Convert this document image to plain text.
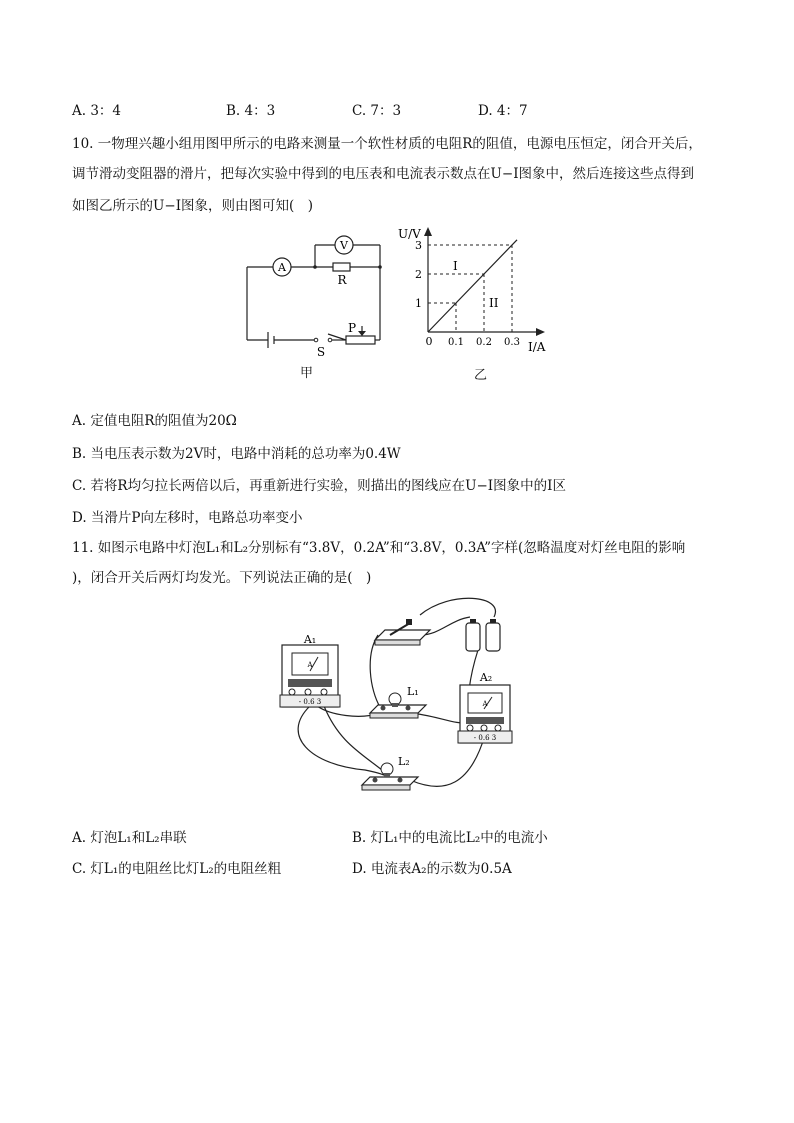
A. 3：4	B. 4：3	C. 7：3	D. 4：7
10. 一物理兴趣小组用图甲所示的电路来测量一个软性材质的电阻R的阻值，电源电压恒定，闭合开关后，
调节滑动变阻器的滑片，把每次实验中得到的电压表和电流表示数点在U−I图象中，然后连接这些点得到
如图乙所示的U−I图象，则由图可知(　)
A
V
R
P
S
甲
U/V
I/A
0
I
II
1
0.1
2
0.2
3
0.3
乙
A. 定值电阻R的阻值为20Ω
B. 当电压表示数为2V时，电路中消耗的总功率为0.4W
C. 若将R均匀拉长两倍以后，再重新进行实验，则描出的图线应在U−I图象中的I区
D. 当滑片P向左移时，电路总功率变小
11. 如图示电路中灯泡L₁和L₂分别标有“3.8V，0.2A”和“3.8V，0.3A”字样(忽略温度对灯丝电阻的影响
)，闭合开关后两灯均发光。下列说法正确的是(　)
A
- 0.6 3
A₁
L₁
A
- 0.6 3
A₂
L₂
A. 灯泡L₁和L₂串联	B. 灯L₁中的电流比L₂中的电流小
C. 灯L₁的电阻丝比灯L₂的电阻丝粗	D. 电流表A₂的示数为0.5A
